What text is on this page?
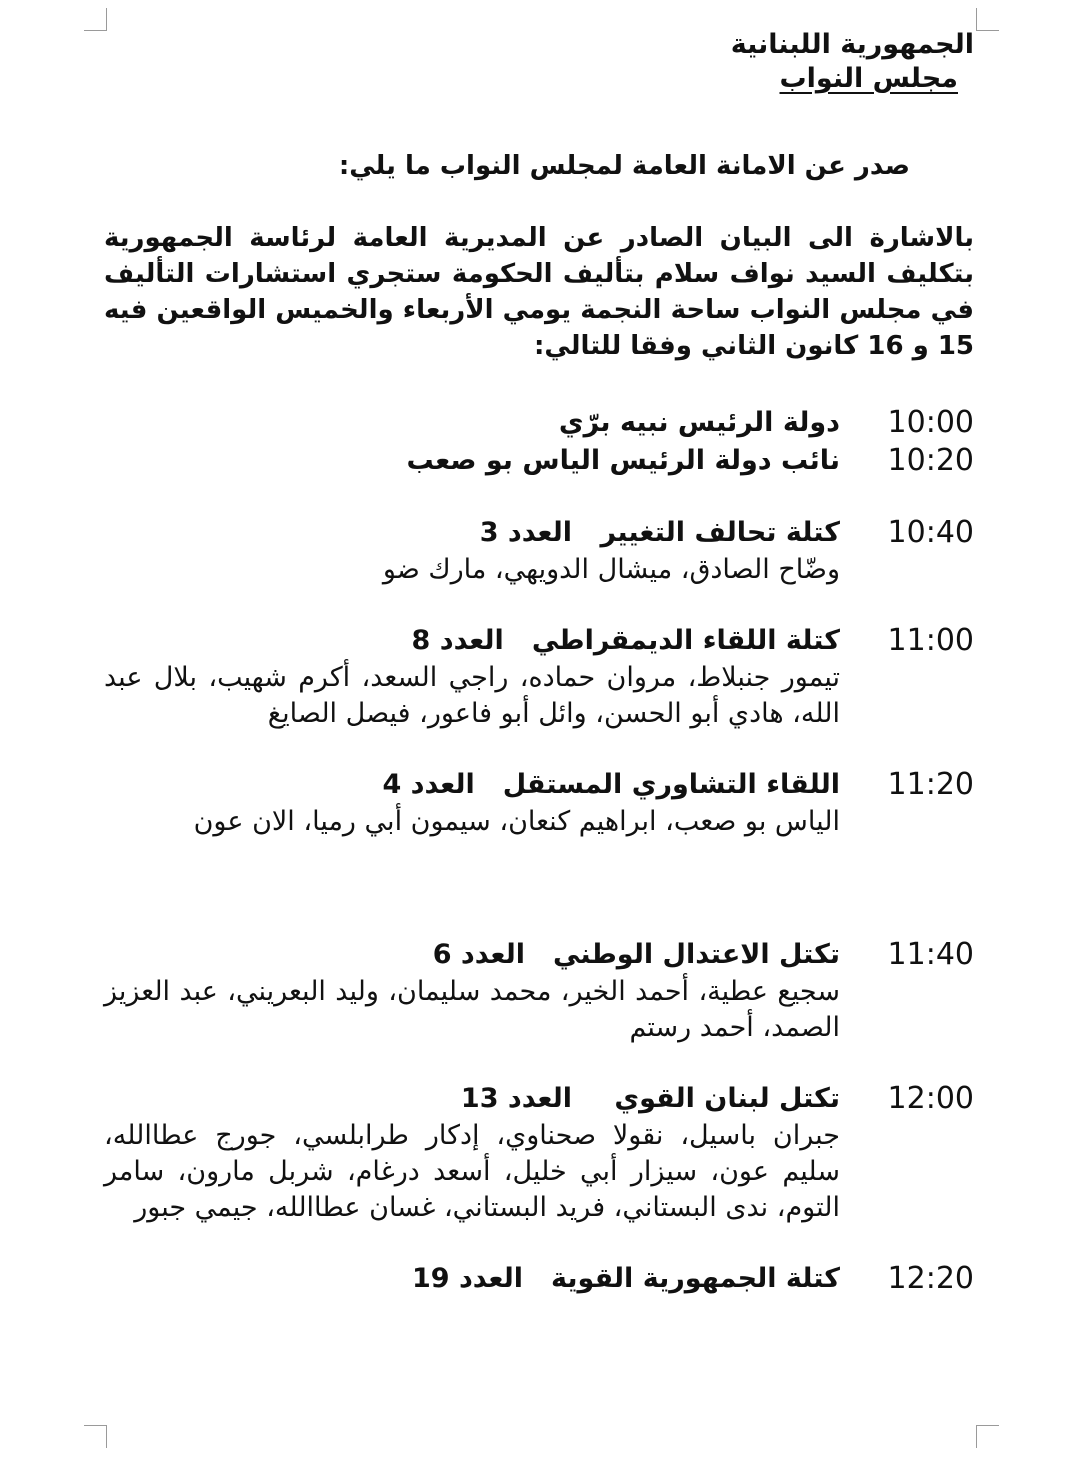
الجمهورية اللبنانية
مجلس النواب
صدر عن الامانة العامة لمجلس النواب ما يلي:
بالاشارة الى البيان الصادر عن المديرية العامة لرئاسة الجمهورية بتكليف السيد نواف سلام بتأليف الحكومة ستجري استشارات التأليف في مجلس النواب ساحة النجمة يومي الأربعاء والخميس الواقعين فيه 15 و 16 كانون الثاني وفقا للتالي:
10:00
دولة الرئيس نبيه برّي
10:20
نائب دولة الرئيس الياس بو صعب
10:40
كتلة تحالف التغييرالعدد 3
وضّاح الصادق، ميشال الدويهي، مارك ضو
11:00
كتلة اللقاء الديمقراطيالعدد 8
تيمور جنبلاط، مروان حماده، راجي السعد، أكرم شهيب، بلال عبد الله، هادي أبو الحسن، وائل أبو فاعور، فيصل الصايغ
11:20
اللقاء التشاوري المستقلالعدد 4
الياس بو صعب، ابراهيم كنعان، سيمون أبي رميا، الان عون
11:40
تكتل الاعتدال الوطنيالعدد 6
سجيع عطية، أحمد الخير، محمد سليمان، وليد البعريني، عبد العزيز الصمد، أحمد رستم
12:00
تكتل لبنان القويالعدد 13
جبران باسيل، نقولا صحناوي، إدكار طرابلسي، جورج عطاالله، سليم عون، سيزار أبي خليل، أسعد درغام، شربل مارون، سامر التوم، ندى البستاني، فريد البستاني، غسان عطاالله، جيمي جبور
12:20
كتلة الجمهورية القويةالعدد 19
